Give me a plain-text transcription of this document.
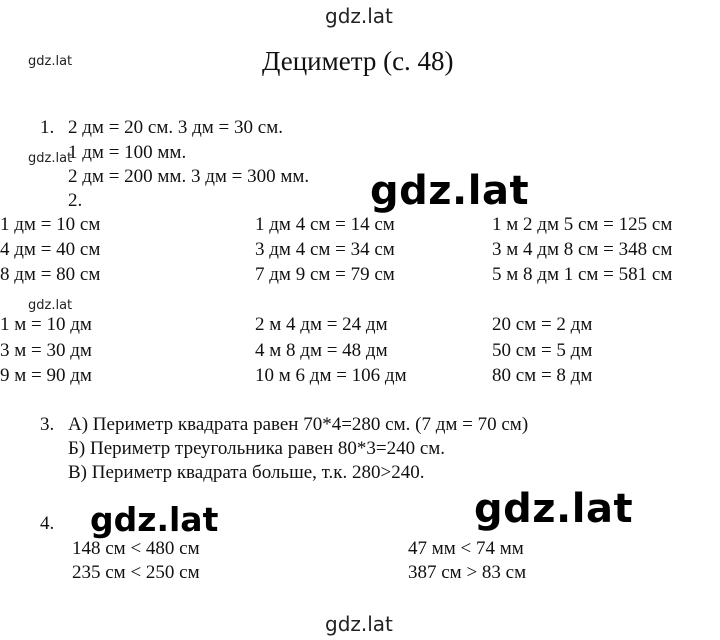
gdz.lat
gdz.lat
gdz.lat
gdz.lat
gdz.lat
gdz.lat	gdz.lat
gdz.lat
Дециметр (с. 48)
1. 2 дм = 20 см. 3 дм = 30 см.
1 дм = 100 мм.
2 дм = 200 мм. 3 дм = 300 мм.
2.
1 дм = 10 см	1 дм 4 см = 14 см	1 м 2 дм 5 см = 125 см
4 дм = 40 см	3 дм 4 см = 34 см	3 м 4 дм 8 см = 348 см
8 дм = 80 см	7 дм 9 см = 79 см	5 м 8 дм 1 см = 581 см
1 м = 10 дм	2 м 4 дм = 24 дм	20 см = 2 дм
3 м = 30 дм	4 м 8 дм = 48 дм	50 см = 5 дм
9 м = 90 дм	10 м 6 дм = 106 дм	80 см = 8 дм
3. А) Периметр квадрата равен 70*4=280 см. (7 дм = 70 см)
Б) Периметр треугольника равен 80*3=240 см.
В) Периметр квадрата больше, т.к. 280>240.
4.
148 см < 480 см	47 мм < 74 мм
235 см < 250 см	387 см > 83 см
